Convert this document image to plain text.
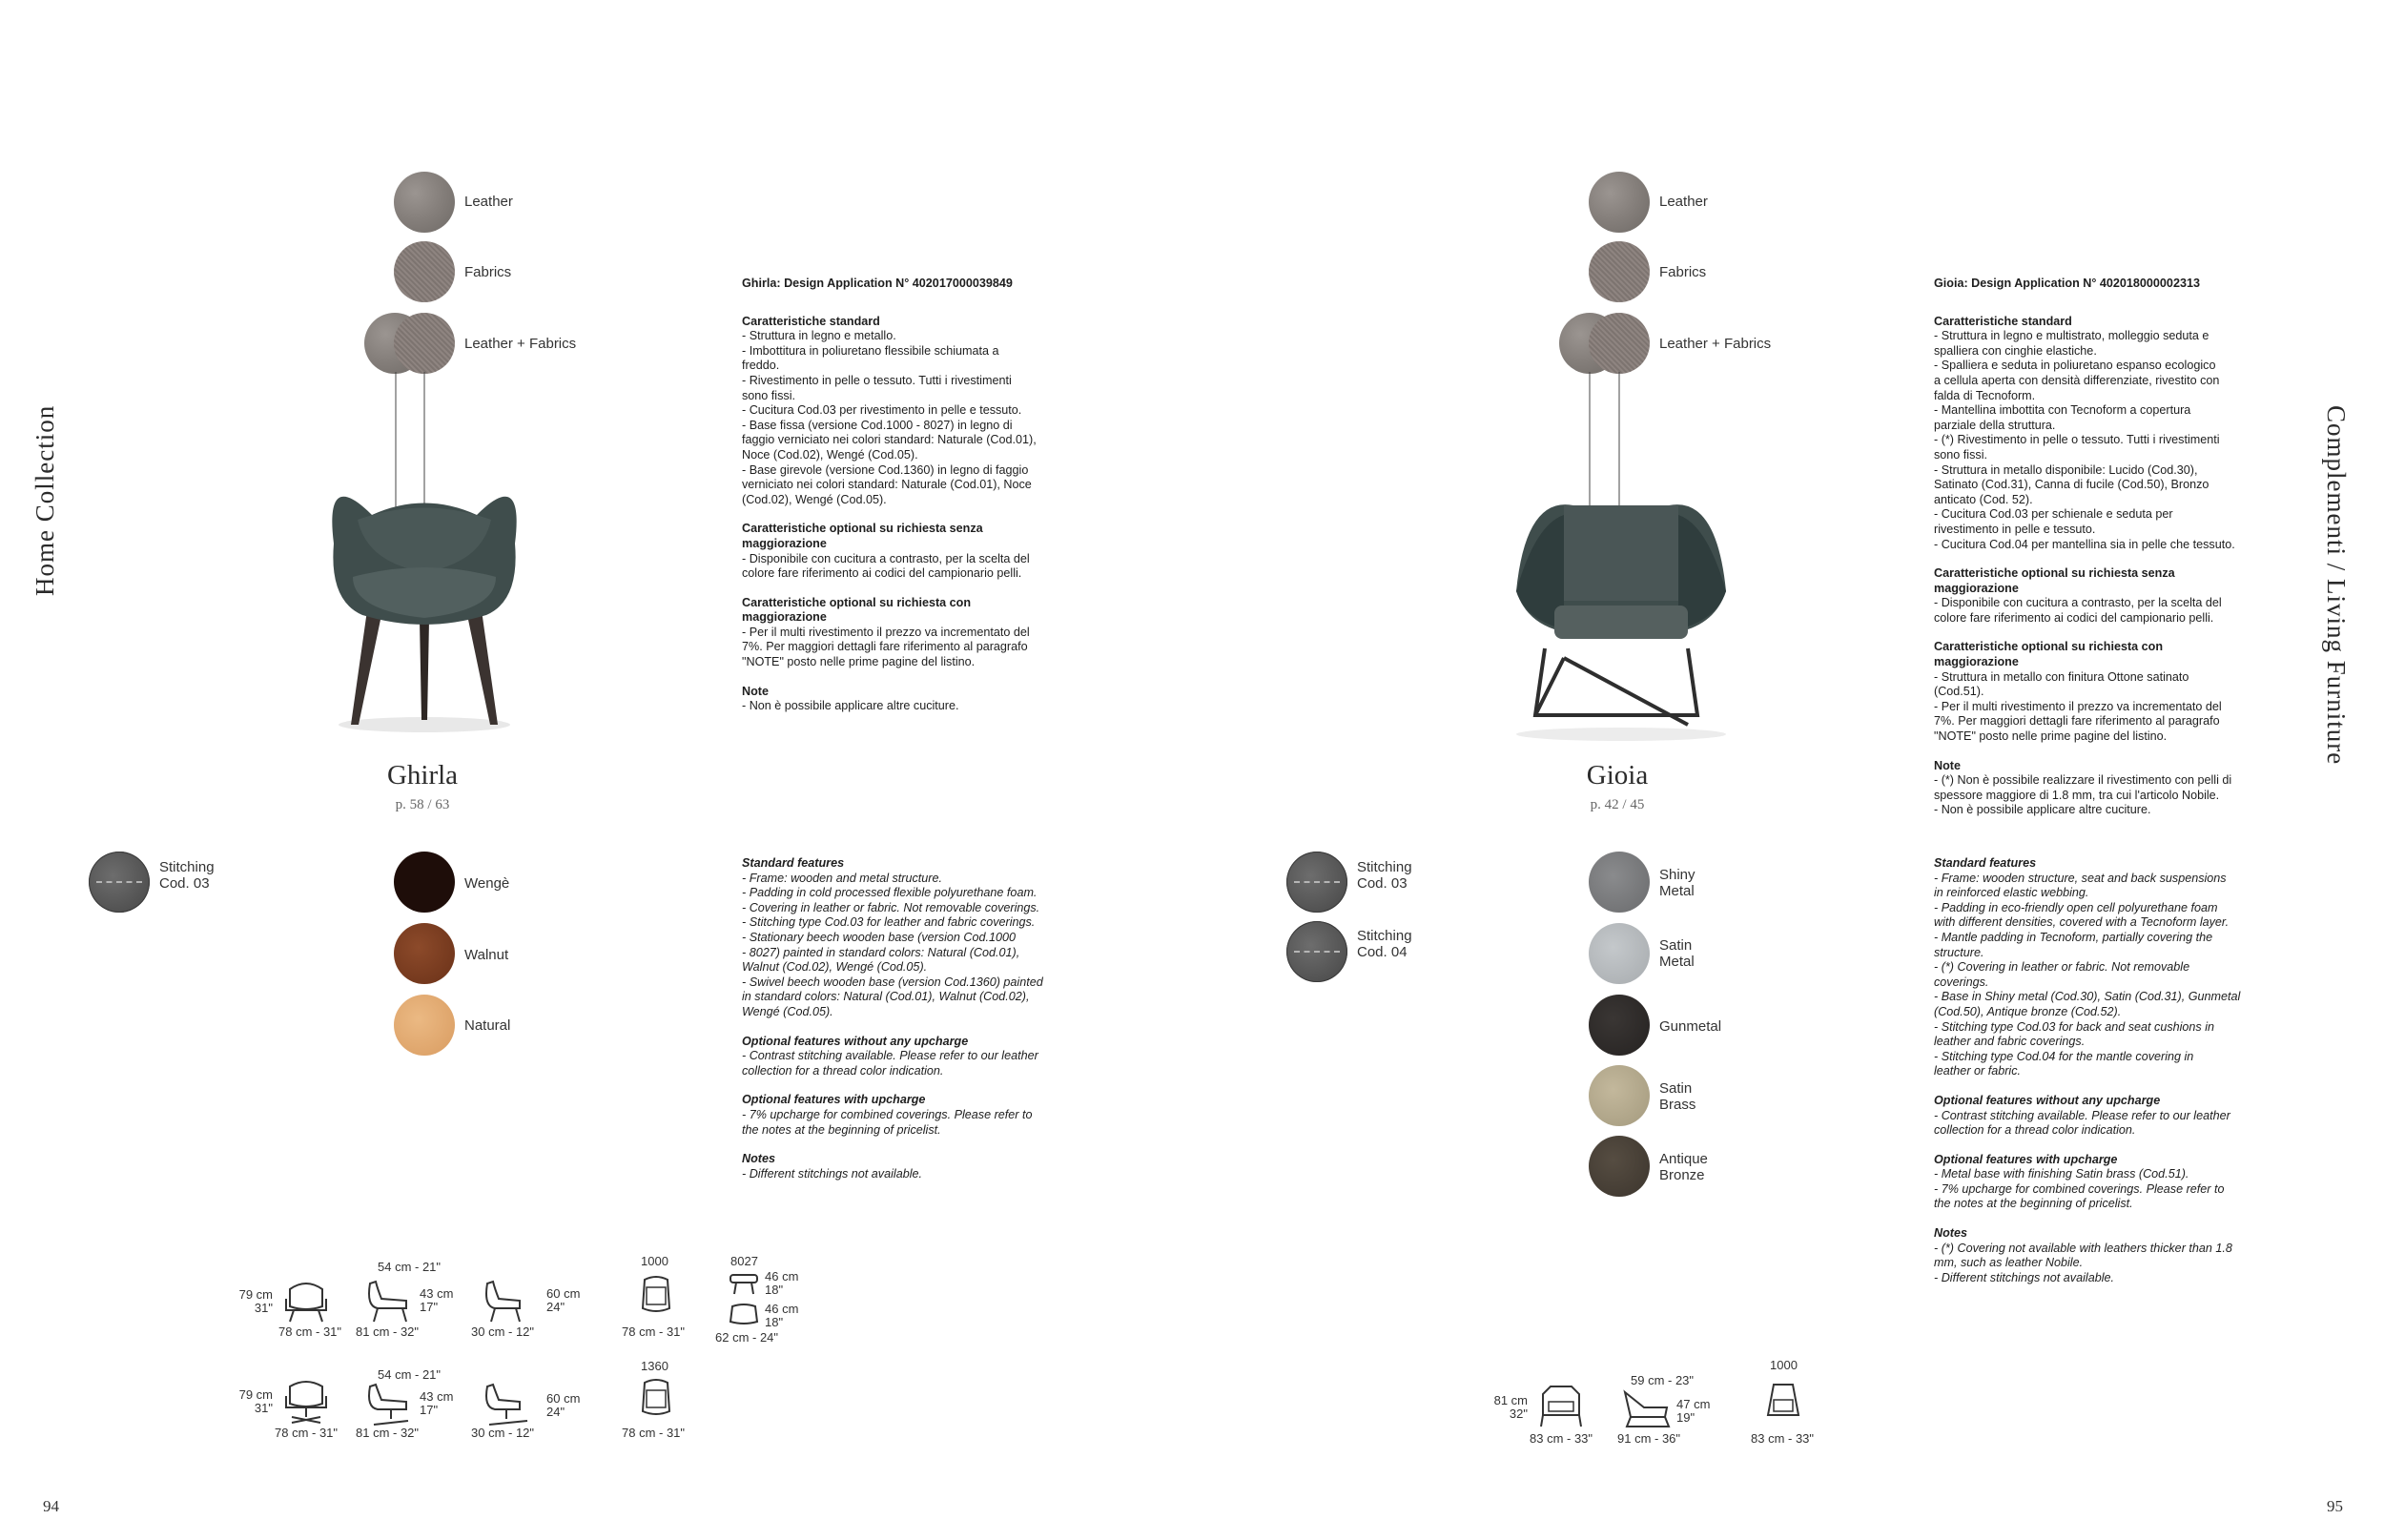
Home Collection	Complementi / Living Furniture
94	95
Leather
Fabrics
Leather + Fabrics
Ghirla
p. 58 / 63
Stitching
Cod. 03	Wengè
Walnut
Natural
Ghirla: Design Application N° 402017000039849
Caratteristiche standard
- Struttura in legno e metallo.
- Imbottitura in poliuretano flessibile schiumata a
freddo.
- Rivestimento in pelle o tessuto. Tutti i rivestimenti
sono fissi.
- Cucitura Cod.03 per rivestimento in pelle e tessuto.
- Base fissa (versione Cod.1000 - 8027) in legno di
faggio verniciato nei colori standard: Naturale (Cod.01),
Noce (Cod.02), Wengé (Cod.05).
- Base girevole (versione Cod.1360) in legno di faggio
verniciato nei colori standard: Naturale (Cod.01), Noce
(Cod.02), Wengé (Cod.05).
Caratteristiche optional su richiesta senza
maggiorazione
- Disponibile con cucitura a contrasto, per la scelta del
colore fare riferimento ai codici del campionario pelli.
Caratteristiche optional su richiesta con
maggiorazione
- Per il multi rivestimento il prezzo va incrementato del
7%. Per maggiori dettagli fare riferimento al paragrafo
"NOTE" posto nelle prime pagine del listino.
Note
- Non è possibile applicare altre cuciture.
Standard features
- Frame: wooden and metal structure.
- Padding in cold processed flexible polyurethane foam.
- Covering in leather or fabric. Not removable coverings.
- Stitching type Cod.03 for leather and fabric coverings.
- Stationary beech wooden base (version Cod.1000
- 8027) painted in standard colors: Natural (Cod.01),
Walnut (Cod.02), Wengé (Cod.05).
- Swivel beech wooden base (version Cod.1360) painted
in standard colors: Natural (Cod.01), Walnut (Cod.02),
Wengé (Cod.05).
Optional features without any upcharge
- Contrast stitching available. Please refer to our leather
collection for a thread color indication.
Optional features with upcharge
- 7% upcharge for combined coverings. Please refer to
the notes at the beginning of pricelist.
Notes
- Different stitchings not available.
79 cm
31"
78 cm - 31"
54 cm - 21"
43 cm
17"
81 cm - 32"
60 cm
24"
30 cm - 12"
1000
78 cm - 31"
8027
46 cm
18"
46 cm
18"
62 cm - 24"
79 cm
31"
78 cm - 31"
54 cm - 21"
43 cm
17"
81 cm - 32"
60 cm
24"
30 cm - 12"
1360
78 cm - 31"
Leather
Fabrics
Leather + Fabrics
Gioia
p. 42 / 45
Stitching
Cod. 03
Stitching
Cod. 04
Shiny
Metal
Satin
Metal
Gunmetal
Satin
Brass
Antique
Bronze
Gioia: Design Application N° 402018000002313
Caratteristiche standard
- Struttura in legno e multistrato, molleggio seduta e
spalliera con cinghie elastiche.
- Spalliera e seduta in poliuretano espanso ecologico
a cellula aperta con densità differenziate, rivestito con
falda di Tecnoform.
- Mantellina imbottita con Tecnoform a copertura
parziale della struttura.
- (*) Rivestimento in pelle o tessuto. Tutti i rivestimenti
sono fissi.
- Struttura in metallo disponibile: Lucido (Cod.30),
Satinato (Cod.31), Canna di fucile (Cod.50), Bronzo
anticato (Cod. 52).
- Cucitura Cod.03 per schienale e seduta per
rivestimento in pelle e tessuto.
- Cucitura Cod.04 per mantellina sia in pelle che tessuto.
Caratteristiche optional su richiesta senza
maggiorazione
- Disponibile con cucitura a contrasto, per la scelta del
colore fare riferimento ai codici del campionario pelli.
Caratteristiche optional su richiesta con
maggiorazione
- Struttura in metallo con finitura Ottone satinato
(Cod.51).
- Per il multi rivestimento il prezzo va incrementato del
7%. Per maggiori dettagli fare riferimento al paragrafo
"NOTE" posto nelle prime pagine del listino.
Note
- (*) Non è possibile realizzare il rivestimento con pelli di
spessore maggiore di 1.8 mm, tra cui l'articolo Nobile.
- Non è possibile applicare altre cuciture.
Standard features
- Frame: wooden structure, seat and back suspensions
in reinforced elastic webbing.
- Padding in eco-friendly open cell polyurethane foam
with different densities, covered with a Tecnoform layer.
- Mantle padding in Tecnoform, partially covering the
structure.
- (*) Covering in leather or fabric. Not removable
coverings.
- Base in Shiny metal (Cod.30), Satin (Cod.31), Gunmetal
(Cod.50), Antique bronze (Cod.52).
- Stitching type Cod.03 for back and seat cushions in
leather and fabric coverings.
- Stitching type Cod.04 for the mantle covering in
leather or fabric.
Optional features without any upcharge
- Contrast stitching available. Please refer to our leather
collection for a thread color indication.
Optional features with upcharge
- Metal base with finishing Satin brass (Cod.51).
- 7% upcharge for combined coverings. Please refer to
the notes at the beginning of pricelist.
Notes
- (*) Covering not available with leathers thicker than 1.8
mm, such as leather Nobile.
- Different stitchings not available.
81 cm
32"
83 cm - 33"
59 cm - 23"
47 cm
19"
91 cm - 36"
1000
83 cm - 33"
